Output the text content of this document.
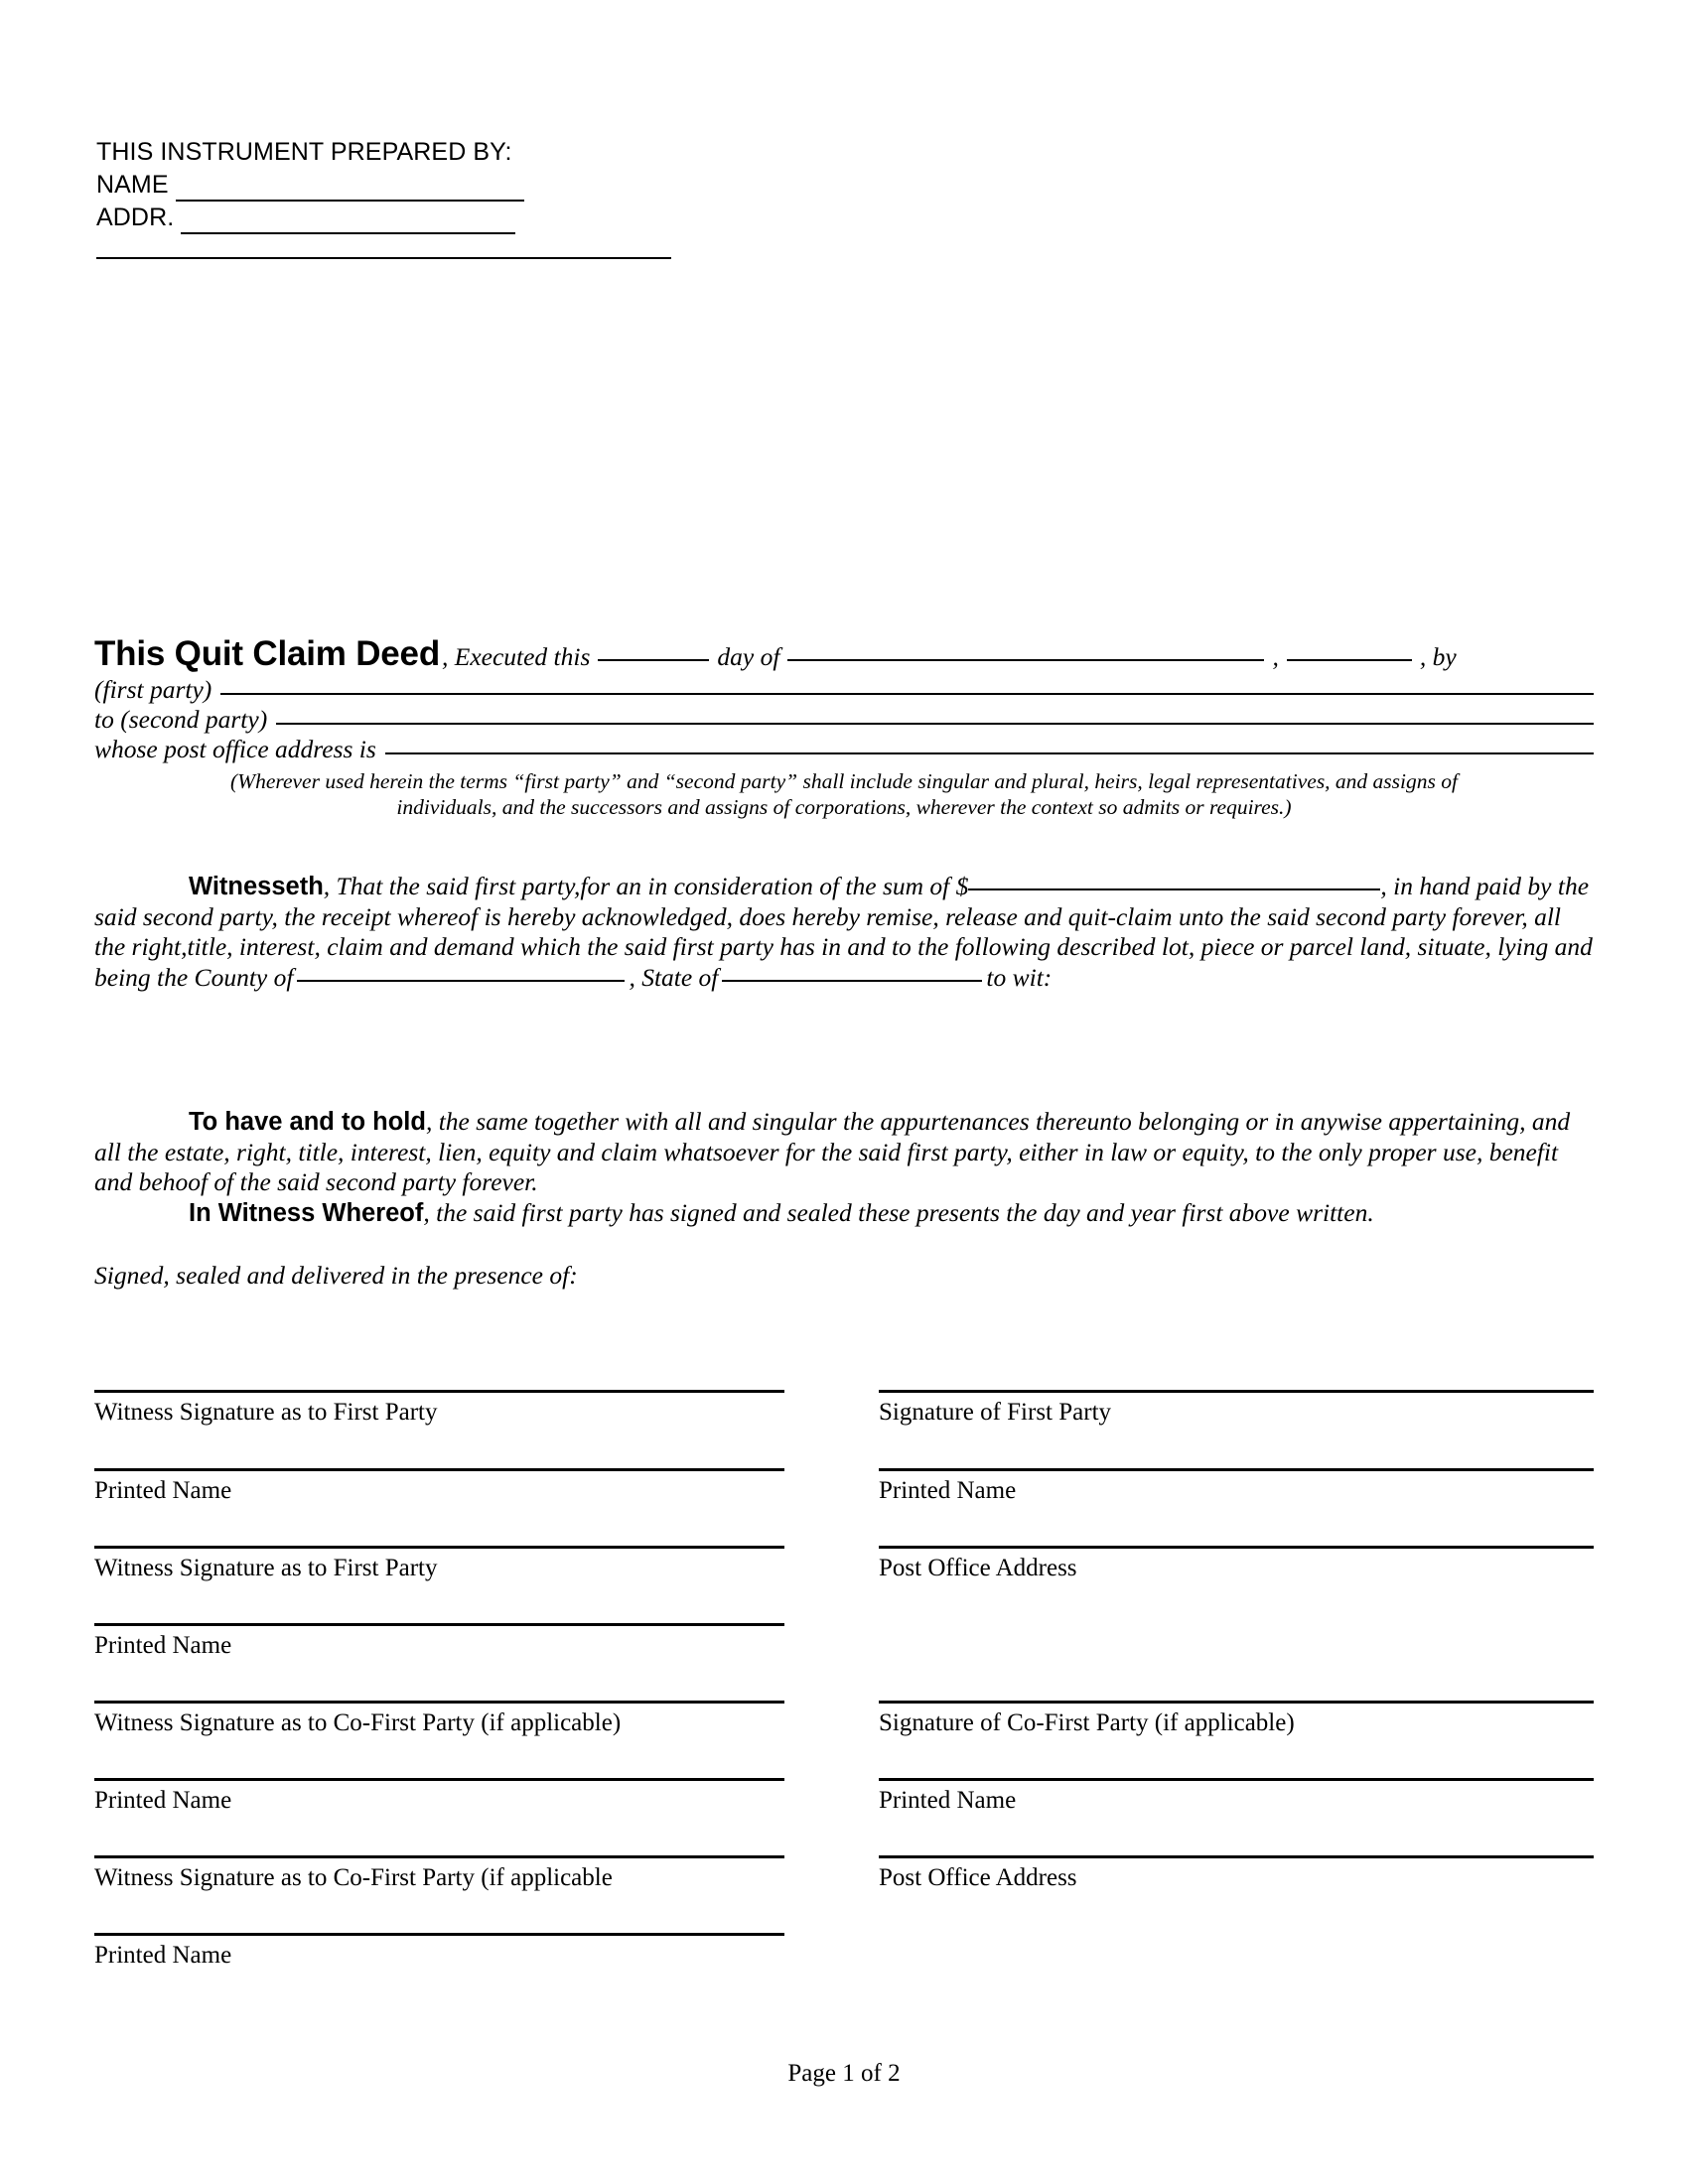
THIS INSTRUMENT PREPARED BY:
NAME
ADDR.
This Quit Claim Deed , Executed this	day of	,	, by
(first party)
to (second party)
whose post office address is
(Wherever used herein the terms “first party” and “second party” shall include singular and plural, heirs, legal representatives, and assigns of
individuals, and the successors and assigns of corporations, wherever the context so admits or requires.)
Witnesseth, That the said first party,for an in consideration of the sum of $	, in hand paid by the said second party, the receipt whereof is hereby acknowledged, does hereby remise, release and quit-claim unto the said second party forever, all the right,title, interest, claim and demand which the said first party has in and to the following described lot, piece or parcel land, situate, lying and being the County of	, State of	to wit:
To have and to hold, the same together with all and singular the appurtenances thereunto belonging or in anywise appertaining, and all the estate, right, title, interest, lien, equity and claim whatsoever for the said first party, either in law or equity, to the only proper use, benefit and behoof of the said second party forever.
In Witness Whereof, the said first party has signed and sealed these presents the day and year first above written.
Signed, sealed and delivered in the presence of:
Witness Signature as to First Party	Signature of First Party
Printed Name	Printed Name
Witness Signature as to First Party	Post Office Address
Printed Name
Witness Signature as to Co-First Party (if applicable)	Signature of Co-First Party (if applicable)
Printed Name	Printed Name
Witness Signature as to Co-First Party (if applicable	Post Office Address
Printed Name
Page 1 of 2
